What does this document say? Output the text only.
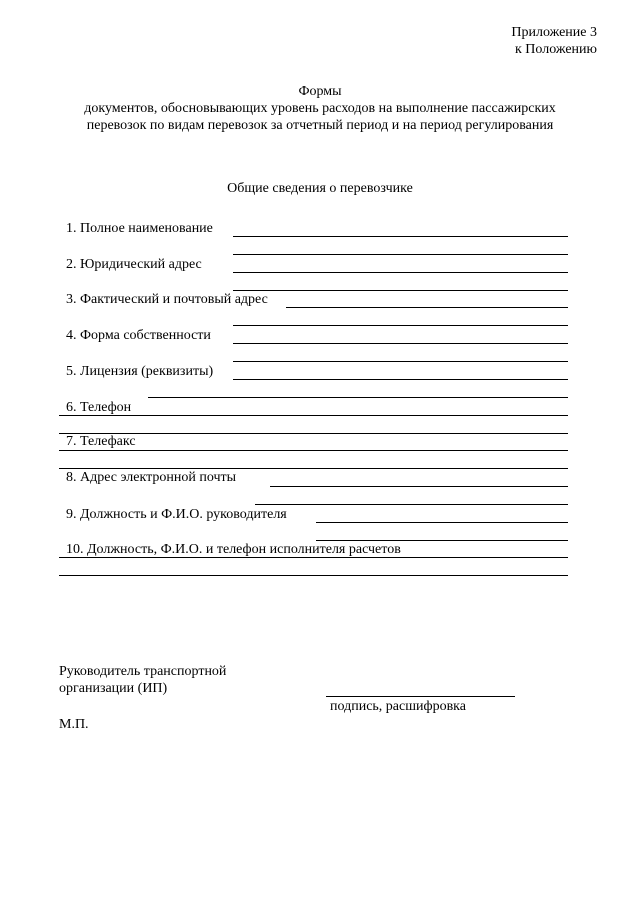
Приложение 3
к Положению
Формы
документов, обосновывающих уровень расходов на выполнение пассажирских
перевозок по видам перевозок за отчетный период и на период регулирования
Общие сведения о перевозчике
1. Полное наименование
2. Юридический адрес
3. Фактический и почтовый адрес
4. Форма собственности
5. Лицензия (реквизиты)
6. Телефон
7. Телефакс
8. Адрес электронной почты
9. Должность и Ф.И.О. руководителя
10. Должность, Ф.И.О. и телефон исполнителя расчетов
Руководитель транспортной
организации (ИП)
подпись, расшифровка
М.П.
